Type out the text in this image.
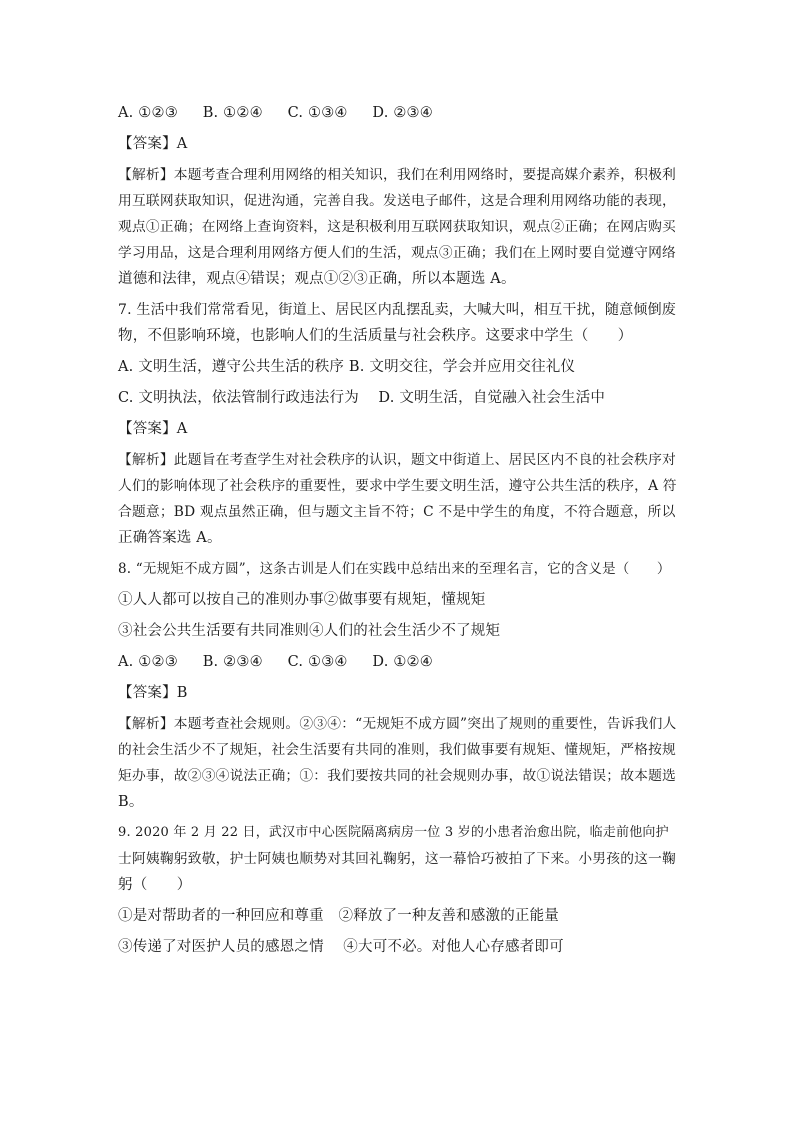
A. ①②③ B. ①②④ C. ①③④ D. ②③④
【答案】A
【解析】本题考查合理利用网络的相关知识，我们在利用网络时，要提高媒介素养，积极利
用互联网获取知识，促进沟通，完善自我。发送电子邮件，这是合理利用网络功能的表现，
观点①正确；在网络上查询资料，这是积极利用互联网获取知识，观点②正确；在网店购买
学习用品，这是合理利用网络方便人们的生活，观点③正确；我们在上网时要自觉遵守网络
道德和法律，观点④错误；观点①②③正确，所以本题选 A。
7. 生活中我们常常看见，街道上、居民区内乱摆乱卖，大喊大叫，相互干扰，随意倾倒废
物，不但影响环境，也影响人们的生活质量与社会秩序。这要求中学生（　　）
A. 文明生活，遵守公共生活的秩序 B. 文明交往，学会并应用交往礼仪
C. 文明执法，依法管制行政违法行为　 D. 文明生活，自觉融入社会生活中
【答案】A
【解析】此题旨在考查学生对社会秩序的认识，题文中街道上、居民区内不良的社会秩序对
人们的影响体现了社会秩序的重要性，要求中学生要文明生活，遵守公共生活的秩序，A 符
合题意；BD 观点虽然正确，但与题文主旨不符；C 不是中学生的角度，不符合题意，所以
正确答案选 A。
8. “无规矩不成方圆”，这条古训是人们在实践中总结出来的至理名言，它的含义是（　　）
①人人都可以按自己的准则办事②做事要有规矩，懂规矩
③社会公共生活要有共同准则④人们的社会生活少不了规矩
A. ①②③ B. ②③④ C. ①③④ D. ①②④
【答案】B
【解析】本题考查社会规则。②③④：“无规矩不成方圆”突出了规则的重要性，告诉我们人
的社会生活少不了规矩，社会生活要有共同的准则，我们做事要有规矩、懂规矩，严格按规
矩办事，故②③④说法正确；①：我们要按共同的社会规则办事，故①说法错误；故本题选
B。
9. 2020 年 2 月 22 日，武汉市中心医院隔离病房一位 3 岁的小患者治愈出院，临走前他向护
士阿姨鞠躬致敬，护士阿姨也顺势对其回礼鞠躬，这一幕恰巧被拍了下来。小男孩的这一鞠
躬（　　）
①是对帮助者的一种回应和尊重　②释放了一种友善和感激的正能量
③传递了对医护人员的感恩之情　 ④大可不必。对他人心存感者即可
